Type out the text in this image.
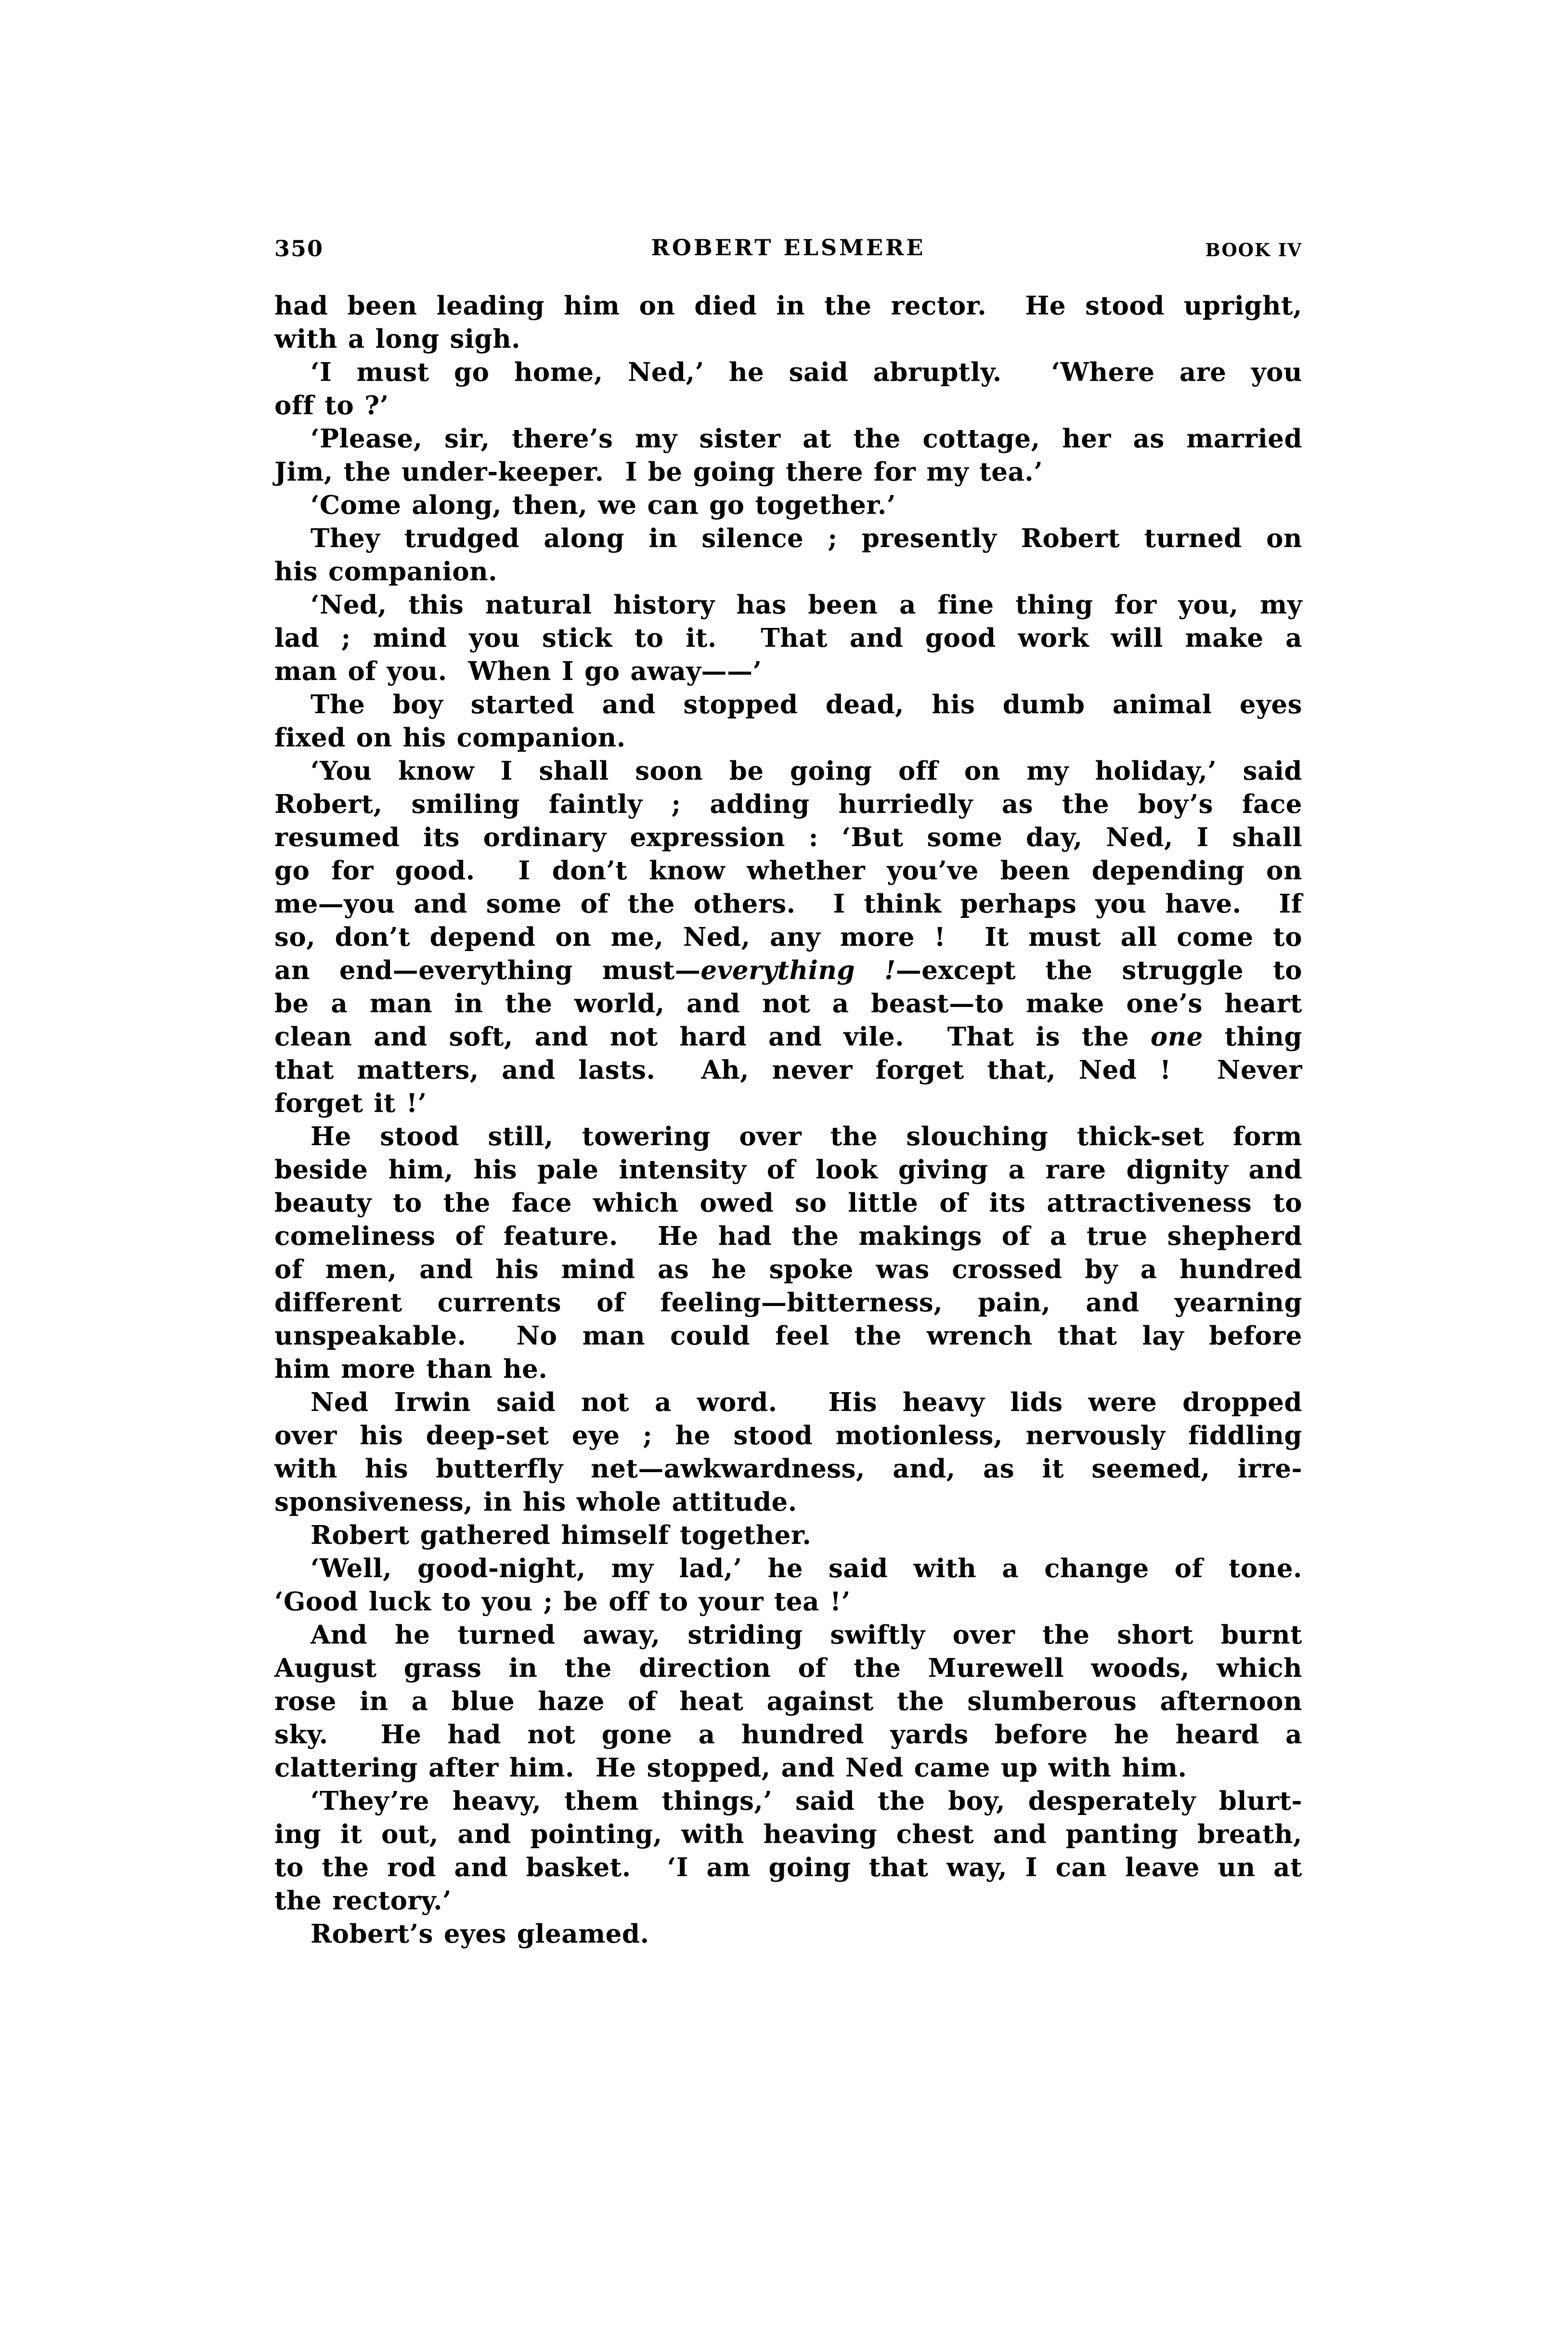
350	ROBERT ELSMERE	BOOK IV
had been leading him on died in the rector.  He stood upright,
with a long sigh.
‘I must go home, Ned,’ he said abruptly.  ‘Where are you
off to ?’
‘Please, sir, there’s my sister at the cottage, her as married
Jim, the under-keeper.  I be going there for my tea.’
‘Come along, then, we can go together.’
They trudged along in silence ; presently Robert turned on
his companion.
‘Ned, this natural history has been a fine thing for you, my
lad ; mind you stick to it.  That and good work will make a
man of you.  When I go away——’
The boy started and stopped dead, his dumb animal eyes
fixed on his companion.
‘You know I shall soon be going off on my holiday,’ said
Robert, smiling faintly ; adding hurriedly as the boy’s face
resumed its ordinary expression : ‘But some day, Ned, I shall
go for good.  I don’t know whether you’ve been depending on
me—you and some of the others.  I think perhaps you have.  If
so, don’t depend on me, Ned, any more !  It must all come to
an end—everything must—everything !—except the struggle to
be a man in the world, and not a beast—to make one’s heart
clean and soft, and not hard and vile.  That is the one thing
that matters, and lasts.  Ah, never forget that, Ned !  Never
forget it !’
He stood still, towering over the slouching thick-set form
beside him, his pale intensity of look giving a rare dignity and
beauty to the face which owed so little of its attractiveness to
comeliness of feature.  He had the makings of a true shepherd
of men, and his mind as he spoke was crossed by a hundred
different currents of feeling—bitterness, pain, and yearning
unspeakable.  No man could feel the wrench that lay before
him more than he.
Ned Irwin said not a word.  His heavy lids were dropped
over his deep-set eye ; he stood motionless, nervously fiddling
with his butterfly net—awkwardness, and, as it seemed, irre-
sponsiveness, in his whole attitude.
Robert gathered himself together.
‘Well, good-night, my lad,’ he said with a change of tone.
‘Good luck to you ; be off to your tea !’
And he turned away, striding swiftly over the short burnt
August grass in the direction of the Murewell woods, which
rose in a blue haze of heat against the slumberous afternoon
sky.  He had not gone a hundred yards before he heard a
clattering after him.  He stopped, and Ned came up with him.
‘They’re heavy, them things,’ said the boy, desperately blurt-
ing it out, and pointing, with heaving chest and panting breath,
to the rod and basket.  ‘I am going that way, I can leave un at
the rectory.’
Robert’s eyes gleamed.
